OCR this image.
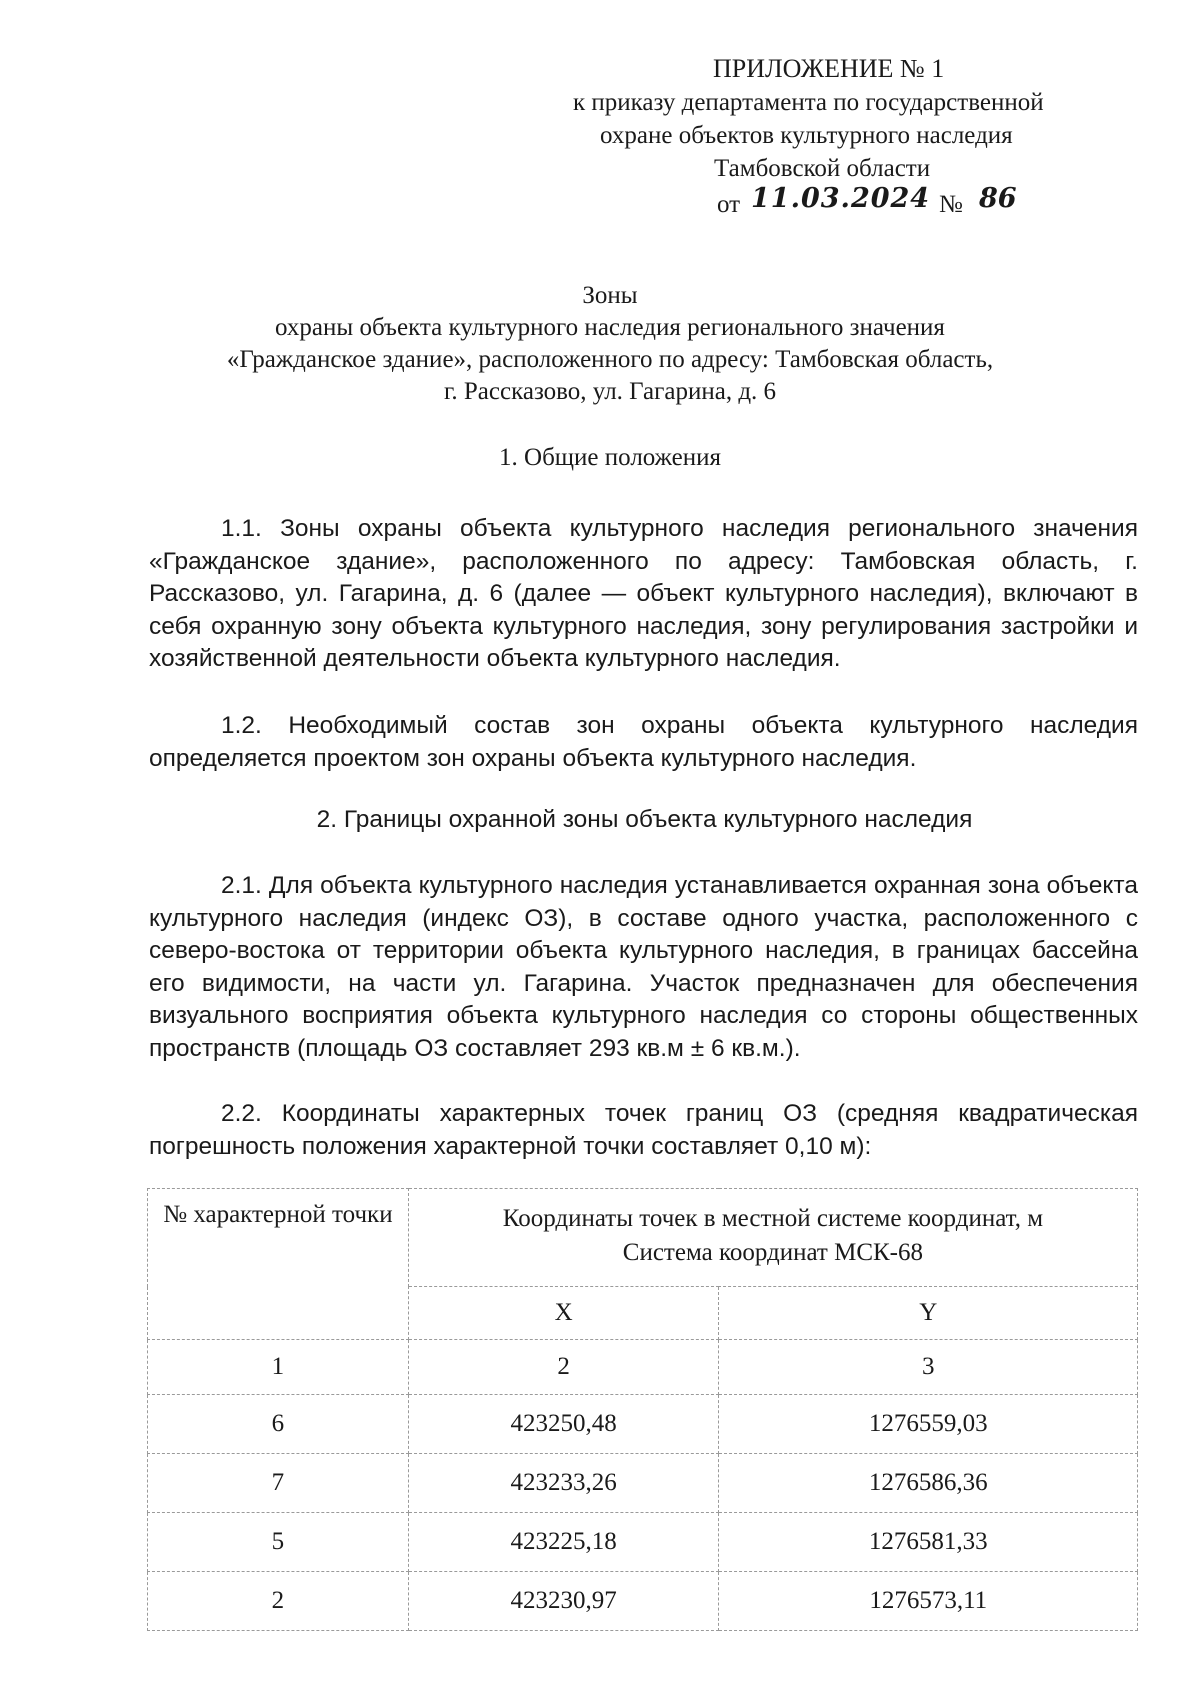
ПРИЛОЖЕНИЕ № 1
к приказу департамента по государственной
охране объектов культурного наследия
Тамбовской области
от 11.03.2024 № 86
Зоны
охраны объекта культурного наследия регионального значения
«Гражданское здание», расположенного по адресу: Тамбовская область,
г. Рассказово, ул. Гагарина, д. 6
1. Общие положения

1.1. Зоны охраны объекта культурного наследия регионального значения «Гражданское здание», расположенного по адресу: Тамбовская область, г. Рассказово, ул. Гагарина, д. 6 (далее — объект культурного наследия), включают в себя охранную зону объекта культурного наследия, зону регулирования застройки и хозяйственной деятельности объекта культурного наследия.

1.2. Необходимый состав зон охраны объекта культурного наследия определяется проектом зон охраны объекта культурного наследия.

2. Границы охранной зоны объекта культурного наследия

2.1. Для объекта культурного наследия устанавливается охранная зона объекта культурного наследия (индекс ОЗ), в составе одного участка, расположенного с северо-востока от территории объекта культурного наследия, в границах бассейна его видимости, на части ул. Гагарина. Участок предназначен для обеспечения визуального восприятия объекта культурного наследия со стороны общественных пространств (площадь ОЗ составляет 293 кв.м ± 6 кв.м.).

2.2. Координаты характерных точек границ ОЗ (средняя квадратическая погрешность положения характерной точки составляет 0,10 м):

№ характерной точки	Координаты точек в местной системе координат, м
Система координат МСК-68	

	X	Y
1	2	3
6	423250,48	1276559,03
7	423233,26	1276586,36
5	423225,18	1276581,33
2	423230,97	1276573,11
